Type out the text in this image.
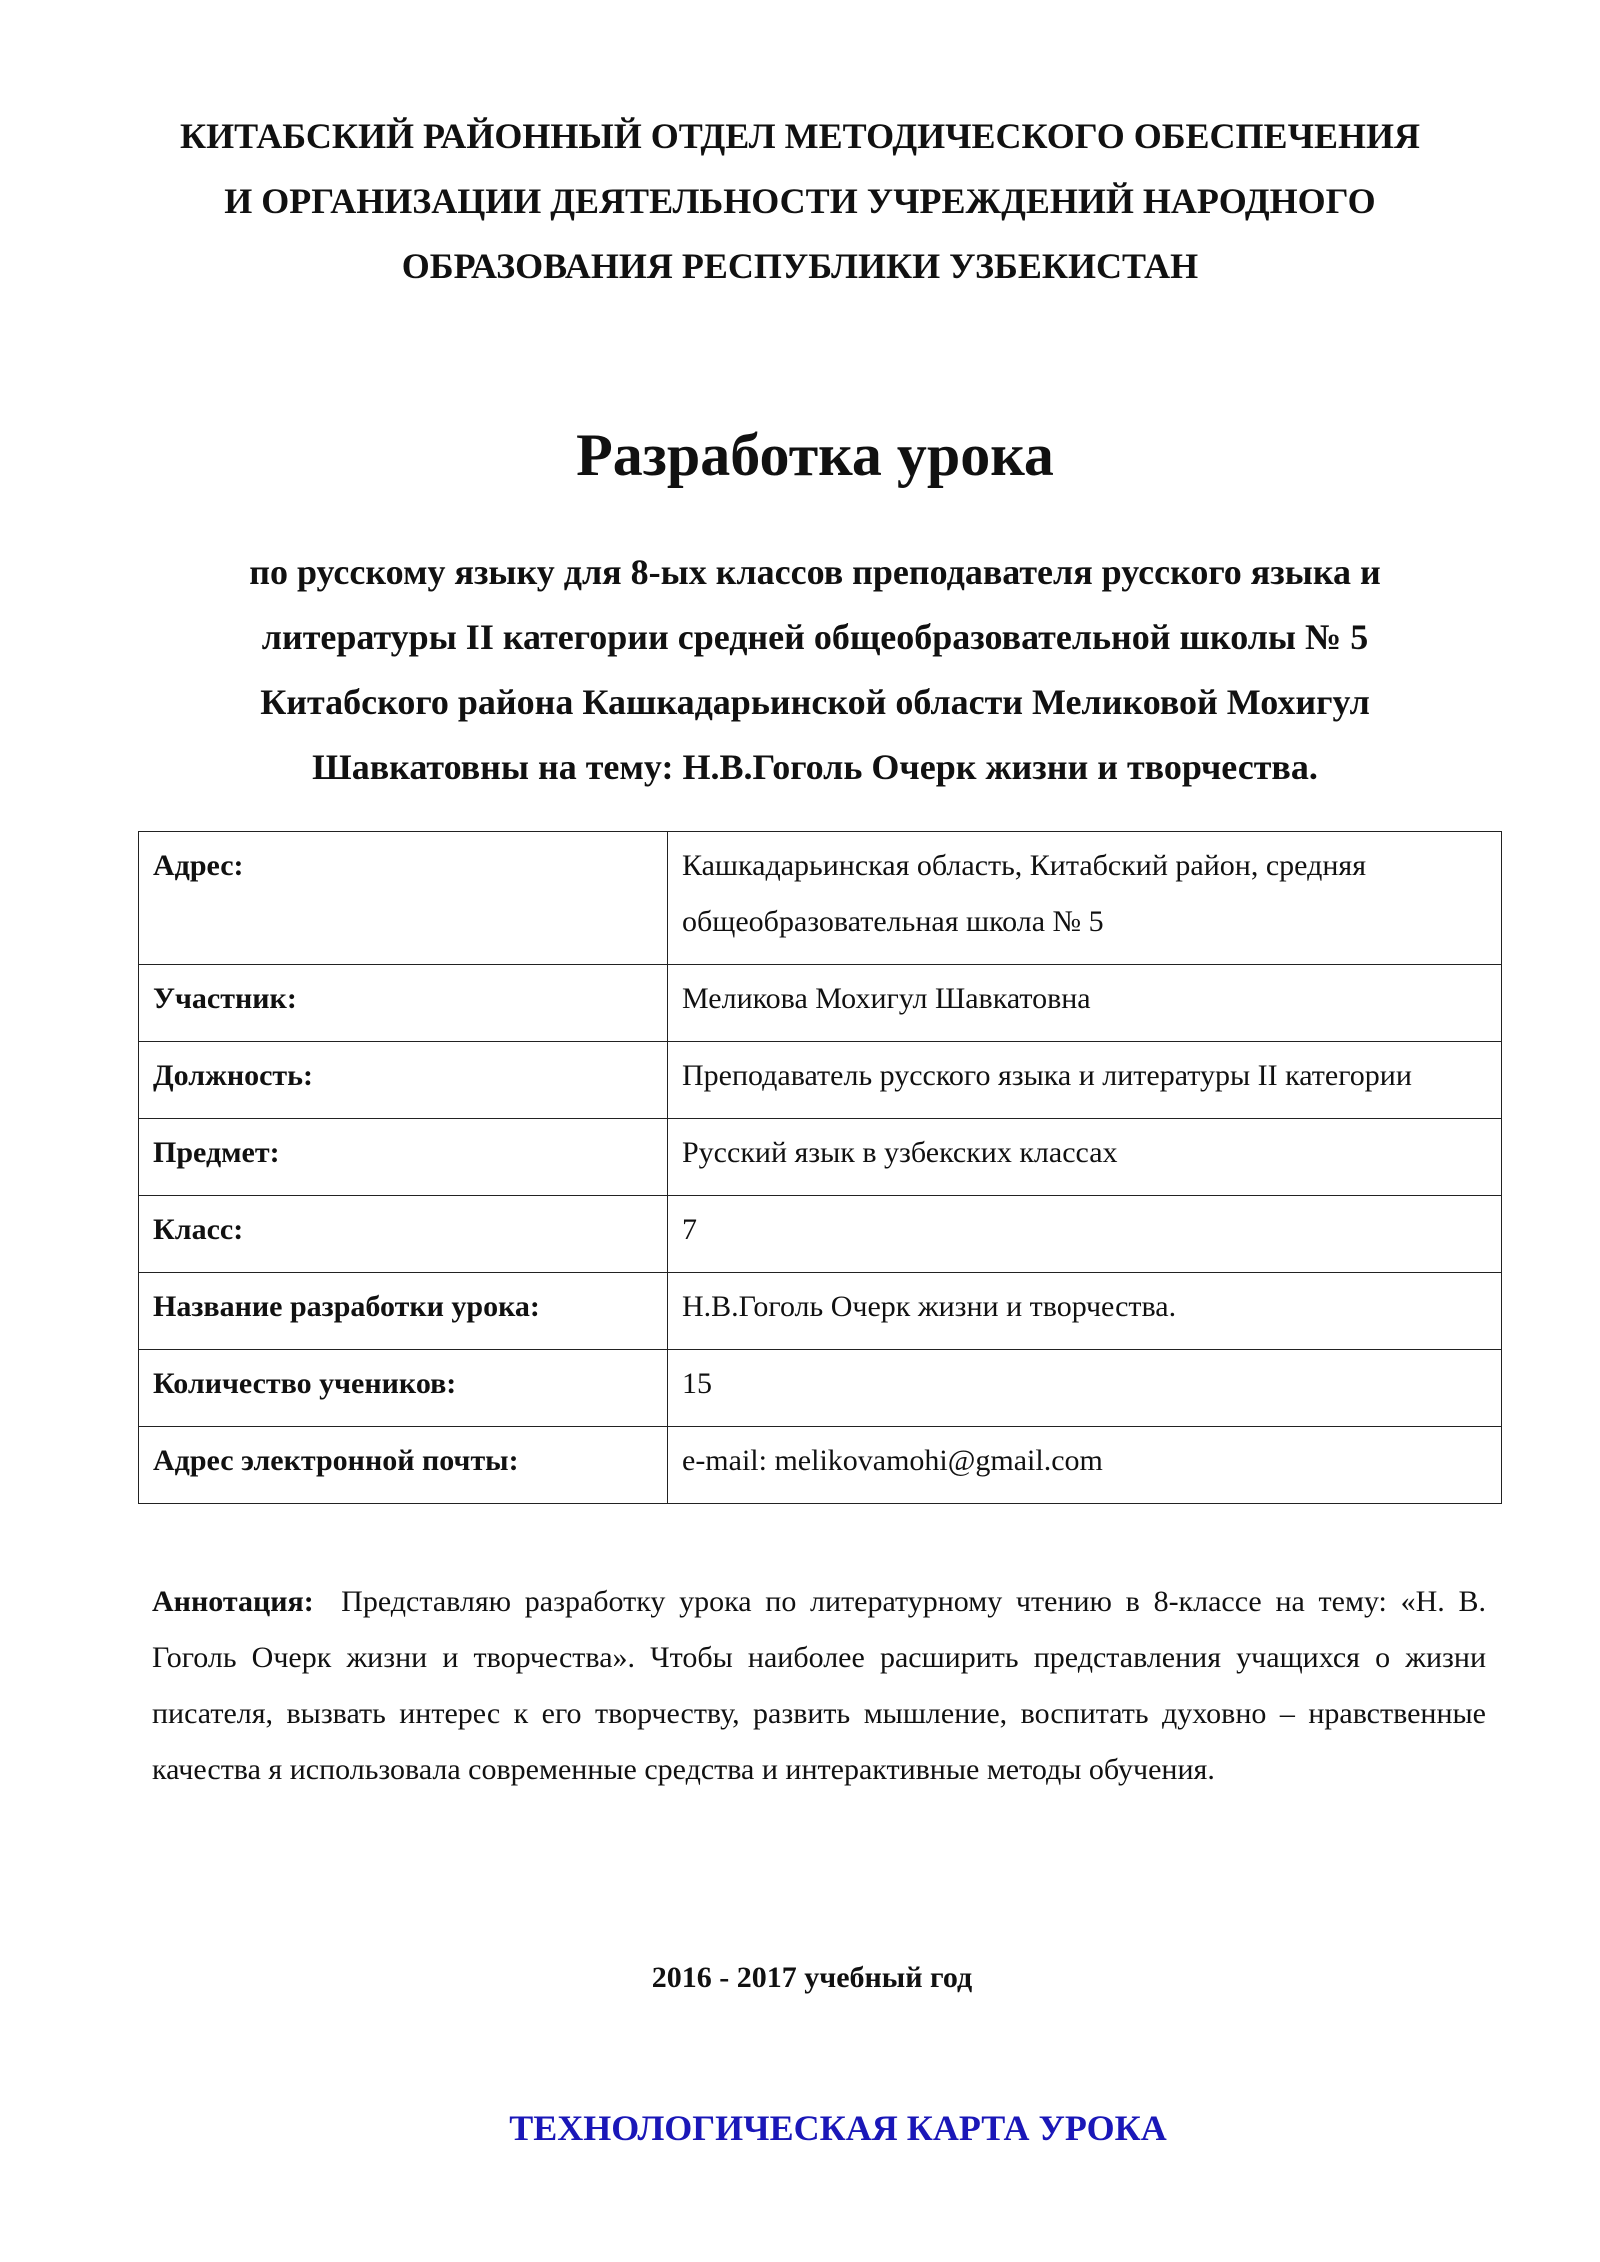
КИТАБСКИЙ РАЙОННЫЙ ОТДЕЛ МЕТОДИЧЕСКОГО ОБЕСПЕЧЕНИЯ
И ОРГАНИЗАЦИИ ДЕЯТЕЛЬНОСТИ УЧРЕЖДЕНИЙ НАРОДНОГО
ОБРАЗОВАНИЯ РЕСПУБЛИКИ УЗБЕКИСТАН
Разработка урока
по русскому языку для 8-ых классов преподавателя русского языка и
литературы II категории средней общеобразовательной школы № 5
Китабского района Кашкадарьинской области Меликовой Мохигул
Шавкатовны на тему: Н.В.Гоголь Очерк жизни и творчества.
Адрес:	Кашкадарьинская область, Китабский район, средняя общеобразовательная школа № 5
Участник:	Меликова Мохигул Шавкатовна
Должность:	Преподаватель русского языка и литературы II категории
Предмет:	Русский язык в узбекских классах
Класс:	7
Название разработки урока:	Н.В.Гоголь Очерк жизни и творчества.
Количество учеников:	15
Адрес электронной почты:	e-mail: melikovamohi@gmail.com
Аннотация: Представляю разработку урока по литературному чтению в 8-классе на тему: «Н. В. Гоголь Очерк жизни и творчества». Чтобы наиболее расширить представления учащихся о жизни писателя, вызвать интерес к его творчеству, развить мышление, воспитать духовно – нравственные качества я использовала современные средства и интерактивные методы обучения.
2016 - 2017 учебный год
ТЕХНОЛОГИЧЕСКАЯ КАРТА УРОКА
